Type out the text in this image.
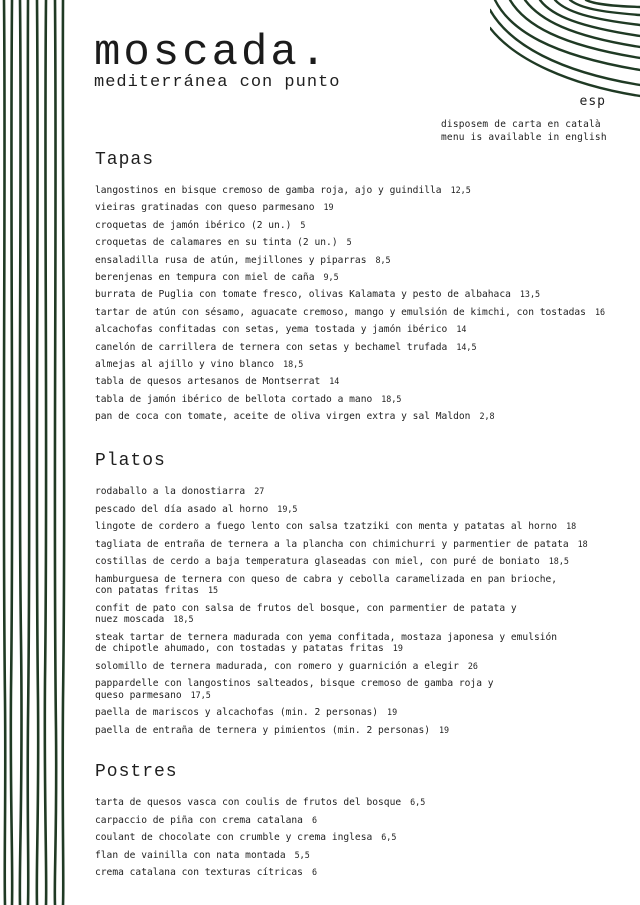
moscada.
mediterránea con punto
esp
disposem de carta en català
menu is available in english
Tapas
langostinos en bisque cremoso de gamba roja, ajo y guindilla 12,5
vieiras gratinadas con queso parmesano 19
croquetas de jamón ibérico (2 un.) 5
croquetas de calamares en su tinta (2 un.) 5
ensaladilla rusa de atún, mejillones y piparras 8,5
berenjenas en tempura con miel de caña 9,5
burrata de Puglia con tomate fresco, olivas Kalamata y pesto de albahaca 13,5
tartar de atún con sésamo, aguacate cremoso, mango y emulsión de kimchi, con tostadas 16
alcachofas confitadas con setas, yema tostada y jamón ibérico 14
canelón de carrillera de ternera con setas y bechamel trufada 14,5
almejas al ajillo y vino blanco 18,5
tabla de quesos artesanos de Montserrat 14
tabla de jamón ibérico de bellota cortado a mano 18,5
pan de coca con tomate, aceite de oliva virgen extra y sal Maldon 2,8
Platos
rodaballo a la donostiarra 27
pescado del día asado al horno 19,5
lingote de cordero a fuego lento con salsa tzatziki con menta y patatas al horno 18
tagliata de entraña de ternera a la plancha con chimichurri y parmentier de patata 18
costillas de cerdo a baja temperatura glaseadas con miel, con puré de boniato 18,5
hamburguesa de ternera con queso de cabra y cebolla caramelizada en pan brioche,
con patatas fritas 15
confit de pato con salsa de frutos del bosque, con parmentier de patata y
nuez moscada 18,5
steak tartar de ternera madurada con yema confitada, mostaza japonesa y emulsión
de chipotle ahumado, con tostadas y patatas fritas 19
solomillo de ternera madurada, con romero y guarnición a elegir 26
pappardelle con langostinos salteados, bisque cremoso de gamba roja y
queso parmesano 17,5
paella de mariscos y alcachofas (min. 2 personas) 19
paella de entraña de ternera y pimientos (min. 2 personas) 19
Postres
tarta de quesos vasca con coulis de frutos del bosque 6,5
carpaccio de piña con crema catalana 6
coulant de chocolate con crumble y crema inglesa 6,5
flan de vainilla con nata montada 5,5
crema catalana con texturas cítricas 6
